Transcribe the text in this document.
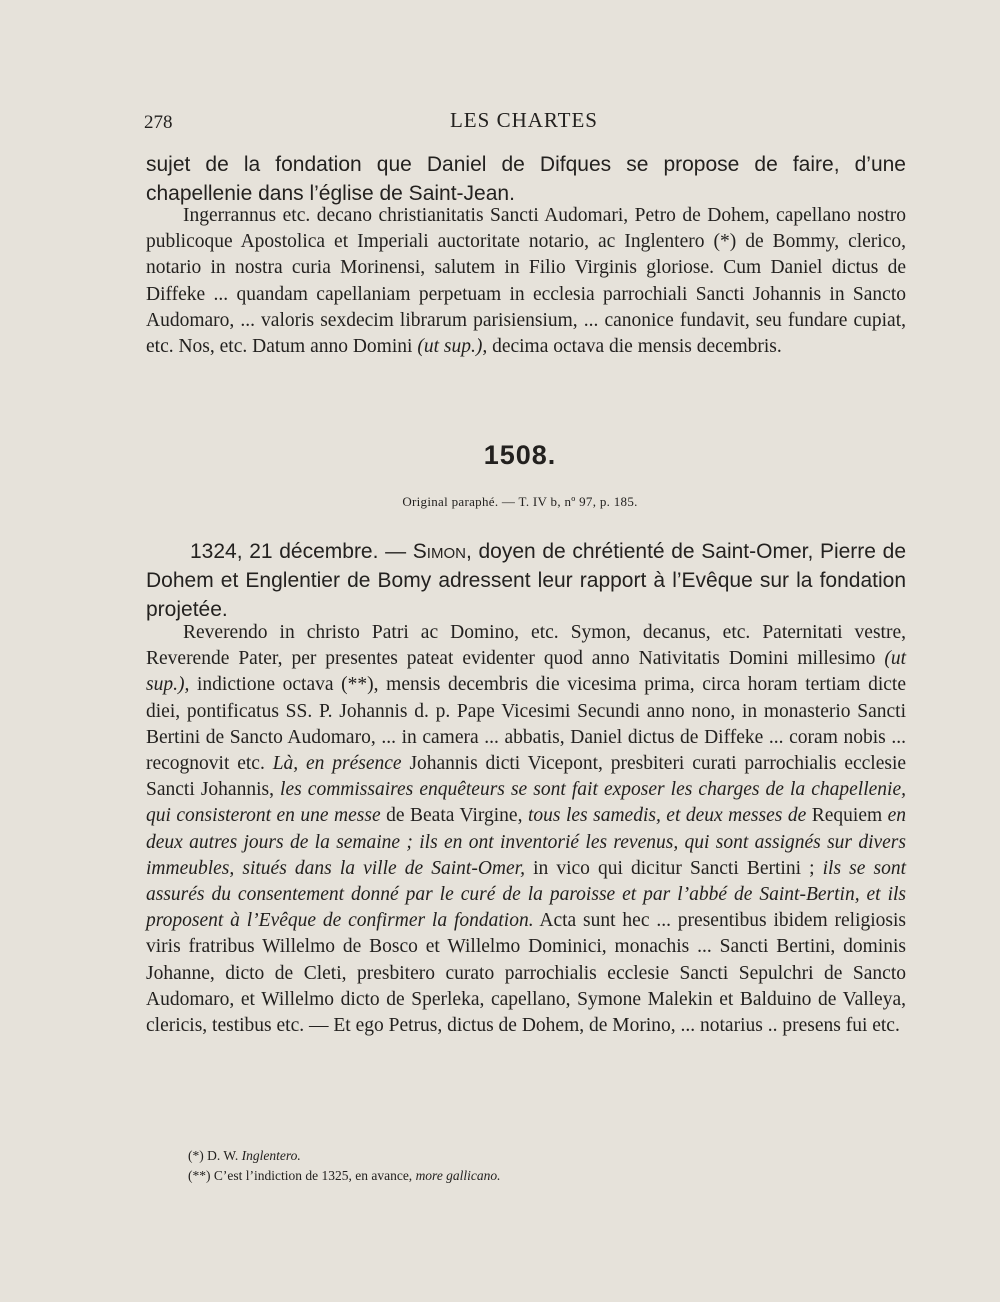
278	LES CHARTES

sujet de la fondation que Daniel de Difques se propose de faire, d’une chapellenie dans l’église de Saint-Jean.

Ingerrannus etc. decano christianitatis Sancti Audomari, Petro de Dohem, capellano nostro publicoque Apostolica et Imperiali auctoritate notario, ac Inglentero (*) de Bommy, clerico, notario in nostra curia Morinensi, salutem in Filio Virginis gloriose. Cum Daniel dictus de Diffeke ... quandam capellaniam perpetuam in ecclesia parrochiali Sancti Johannis in Sancto Audomaro, ... valoris sexdecim librarum parisiensium, ... canonice fundavit, seu fundare cupiat, etc. Nos, etc. Datum anno Domini (ut sup.), decima octava die mensis decembris.

1508.
Original paraphé. — T. IV b, nº 97, p. 185.

1324, 21 décembre. — Simon, doyen de chrétienté de Saint-Omer, Pierre de Dohem et Englentier de Bomy adressent leur rapport à l’Evêque sur la fondation projetée.

Reverendo in christo Patri ac Domino, etc. Symon, decanus, etc. Paternitati vestre, Reverende Pater, per presentes pateat evidenter quod anno Nativitatis Domini millesimo (ut sup.), indictione octava (**), mensis decembris die vicesima prima, circa horam tertiam dicte diei, pontificatus SS. P. Johannis d. p. Pape Vicesimi Secundi anno nono, in monasterio Sancti Bertini de Sancto Audomaro, ... in camera ... abbatis, Daniel dictus de Diffeke ... coram nobis ... recognovit etc. Là, en présence Johannis dicti Vicepont, presbiteri curati parrochialis ecclesie Sancti Johannis, les commissaires enquêteurs se sont fait exposer les charges de la chapellenie, qui consisteront en une messe de Beata Virgine, tous les samedis, et deux messes de Requiem en deux autres jours de la semaine ; ils en ont inventorié les revenus, qui sont assignés sur divers immeubles, situés dans la ville de Saint-Omer, in vico qui dicitur Sancti Bertini ; ils se sont assurés du consentement donné par le curé de la paroisse et par l’abbé de Saint-Bertin, et ils proposent à l’Evêque de confirmer la fondation. Acta sunt hec ... presentibus ibidem religiosis viris fratribus Willelmo de Bosco et Willelmo Dominici, monachis ... Sancti Bertini, dominis Johanne, dicto de Cleti, presbitero curato parrochialis ecclesie Sancti Sepulchri de Sancto Audomaro, et Willelmo dicto de Sperleka, capellano, Symone Malekin et Balduino de Valleya, clericis, testibus etc. — Et ego Petrus, dictus de Dohem, de Morino, ... notarius .. presens fui etc.

(*) D. W. Inglentero.
(**) C’est l’indiction de 1325, en avance, more gallicano.
